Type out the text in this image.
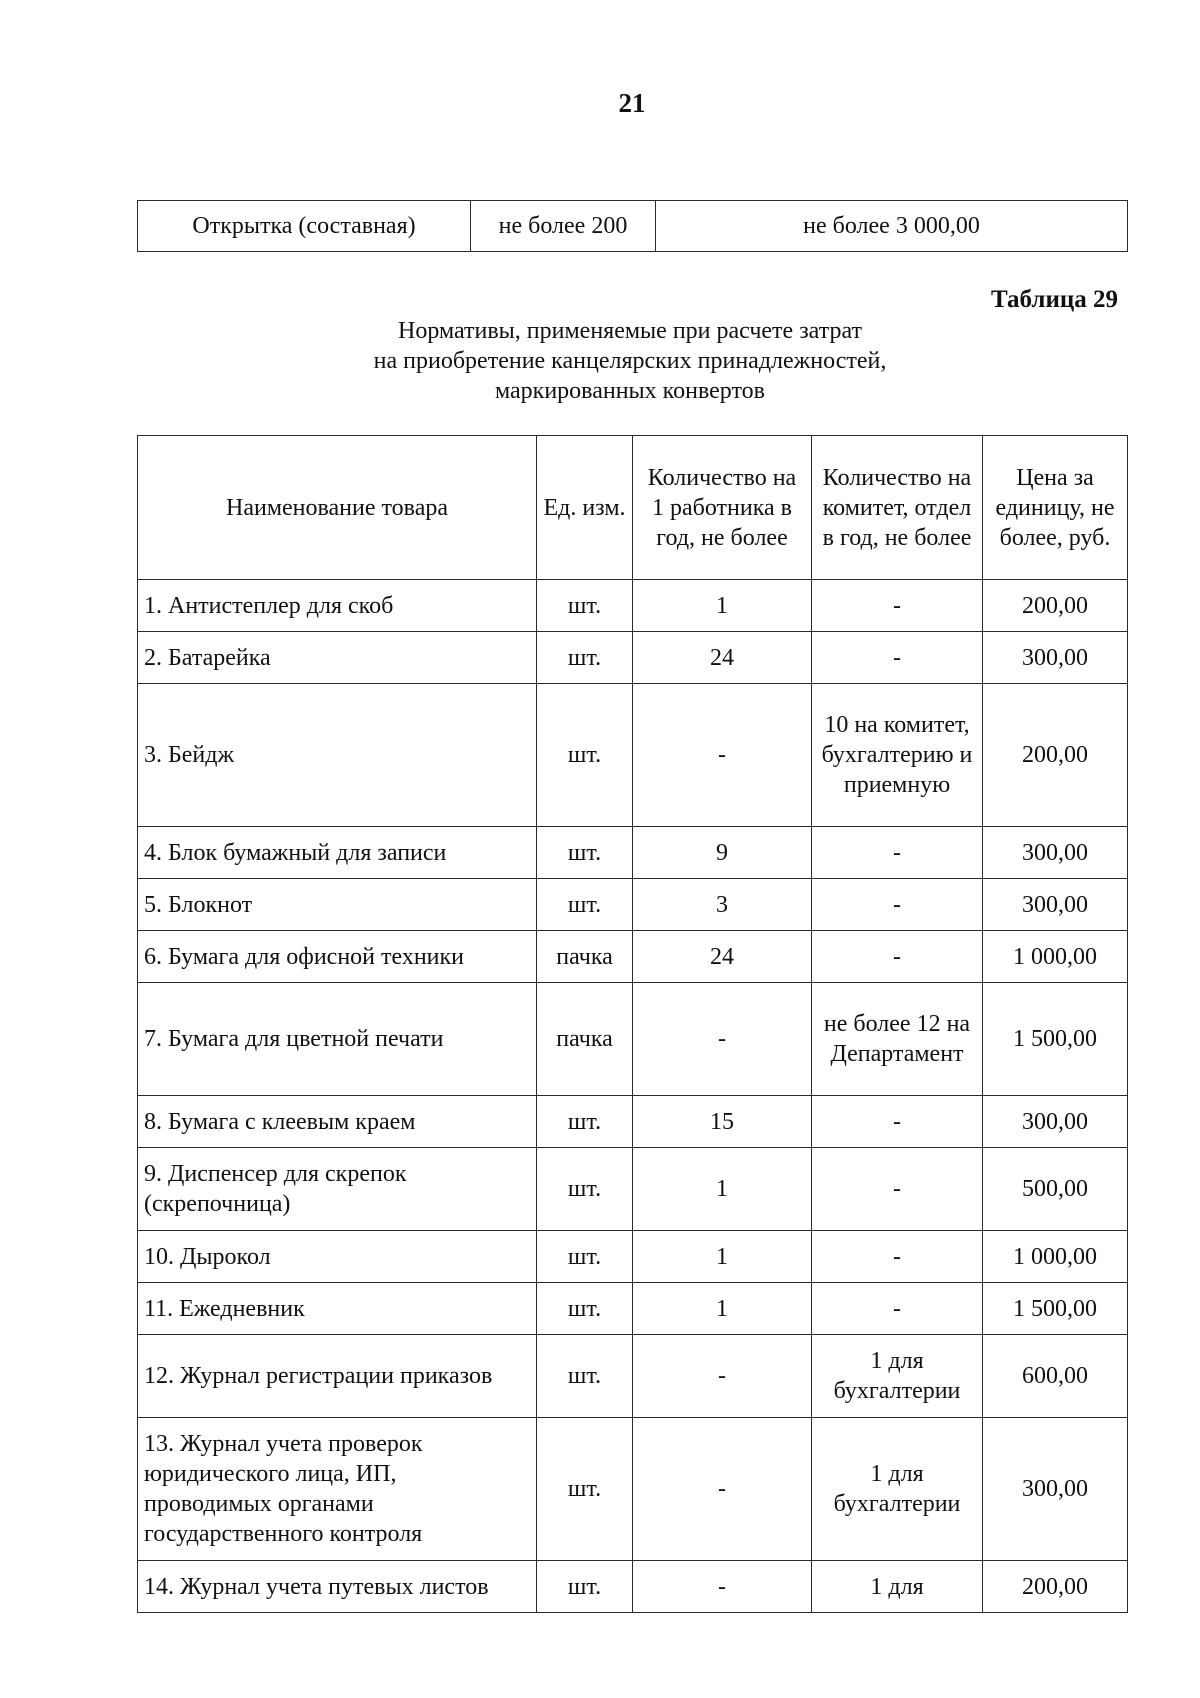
21
Открытка (составная)	не более 200	не более 3 000,00
Таблица 29
Нормативы, применяемые при расчете затрат
на приобретение канцелярских принадлежностей,
маркированных конвертов
Наименование товара	Ед. изм.	Количество на 1 работника в год, не более	Количество на комитет, отдел в год, не более	Цена за единицу, не более, руб.
1. Антистеплер для скоб	шт.	1	-	200,00
2. Батарейка	шт.	24	-	300,00
3. Бейдж	шт.	-	10 на комитет, бухгалтерию и приемную	200,00
4. Блок бумажный для записи	шт.	9	-	300,00
5. Блокнот	шт.	3	-	300,00
6. Бумага для офисной техники	пачка	24	-	1 000,00
7. Бумага для цветной печати	пачка	-	не более 12 на Департамент	1 500,00
8. Бумага с клеевым краем	шт.	15	-	300,00
9. Диспенсер для скрепок (скрепочница)	шт.	1	-	500,00
10. Дырокол	шт.	1	-	1 000,00
11. Ежедневник	шт.	1	-	1 500,00
12. Журнал регистрации приказов	шт.	-	1 для бухгалтерии	600,00
13. Журнал учета проверок юридического лица, ИП, проводимых органами государственного контроля	шт.	-	1 для бухгалтерии	300,00
14. Журнал учета путевых листов	шт.	-	1 для	200,00
